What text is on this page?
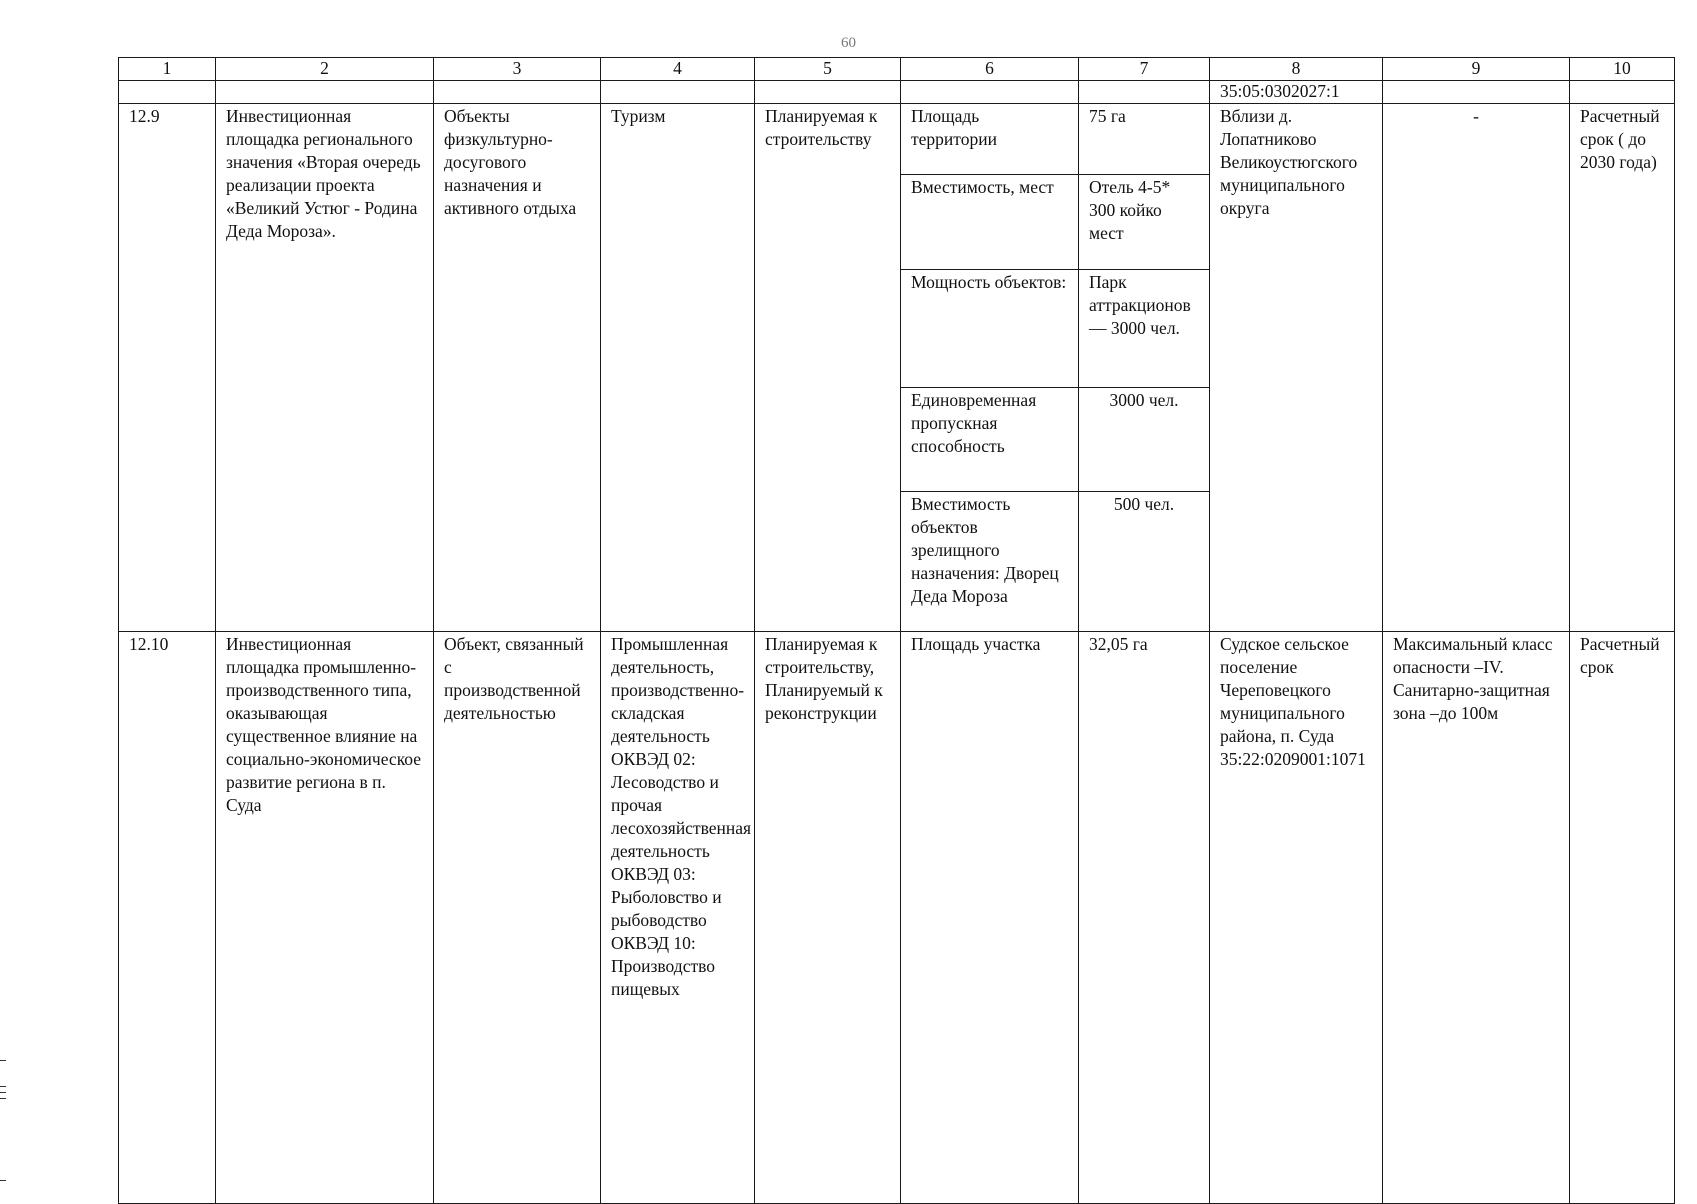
60
1	2	3	4	5	6	7	8	9	10
							35:05:0302027:1		
12.9	Инвестиционная площадка регионального значения «Вторая очередь реализации проекта «Великий Устюг - Родина Деда Мороза».	Объекты физкультурно-досугового назначения и активного отдыха	Туризм	Планируемая к строительству	Площадь территории	75 га	Вблизи д. Лопатниково Великоустюгского муниципального округа	-	Расчетный срок ( до 2030 года)
					Вместимость, мест	Отель 4-5* 300 койко мест			
					Мощность объектов:	Парк аттракционов — 3000 чел.			
					Единовременная пропускная способность	3000 чел.			
					Вместимость объектов зрелищного назначения: Дворец Деда Мороза	500 чел.			
12.10	Инвестиционная площадка промышленно-производственного типа, оказывающая существенное влияние на социально-экономическое развитие региона в п. Суда	Объект, связанный с производственной деятельностью	Промышленная деятельность, производственно-складская деятельность ОКВЭД 02: Лесоводство и прочая лесохозяйственная деятельность ОКВЭД 03: Рыболовство и рыбоводство ОКВЭД 10: Производство пищевых	Планируемая к строительству, Планируемый к реконструкции	Площадь участка	32,05 га	Судское сельское поселение Череповецкого муниципального района, п. Суда 35:22:0209001:1071	Максимальный класс опасности –IV. Санитарно-защитная зона –до 100м	Расчетный срок
